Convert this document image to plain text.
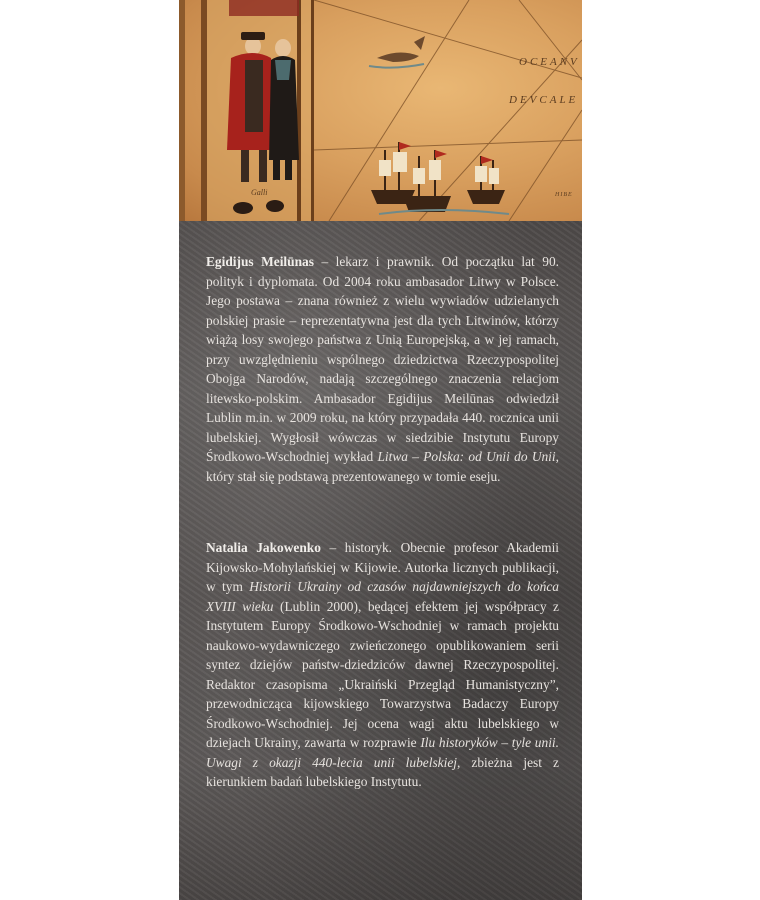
Galli
OCEANV
DEVCALE
HIBE

Egidijus Meilūnas – lekarz i prawnik. Od początku lat 90. polityk i dyplomata. Od 2004 roku ambasador Litwy w Polsce. Jego postawa – znana również z wielu wywiadów udzielanych polskiej prasie – reprezentatywna jest dla tych Litwinów, którzy wiążą losy swojego państwa z Unią Europejską, a w jej ramach, przy uwzględnieniu wspólnego dziedzictwa Rzeczypospolitej Obojga Narodów, nadają szczególnego znaczenia relacjom litewsko-polskim. Ambasador Egidijus Meilūnas odwiedził Lublin m.in. w 2009 roku, na który przypadała 440. rocznica unii lubelskiej. Wygłosił wówczas w siedzibie Instytutu Europy Środkowo-Wschodniej wykład Litwa – Polska: od Unii do Unii, który stał się podstawą prezentowanego w tomie eseju.

Natalia Jakowenko – historyk. Obecnie profesor Akademii Kijowsko-Mohylańskiej w Kijowie. Autorka licznych publikacji, w tym Historii Ukrainy od czasów najdawniejszych do końca XVIII wieku (Lublin 2000), będącej efektem jej współpracy z Instytutem Europy Środkowo-Wschodniej w ramach projektu naukowo-wydawniczego zwieńczonego opublikowaniem serii syntez dziejów państw-dziedziców dawnej Rzeczypospolitej. Redaktor czasopisma „Ukraiński Przegląd Humanistyczny”, przewodnicząca kijowskiego Towarzystwa Badaczy Europy Środkowo-Wschodniej. Jej ocena wagi aktu lubelskiego w dziejach Ukrainy, zawarta w rozprawie Ilu historyków – tyle unii. Uwagi z okazji 440-lecia unii lubelskiej, zbieżna jest z kierunkiem badań lubelskiego Instytutu.
